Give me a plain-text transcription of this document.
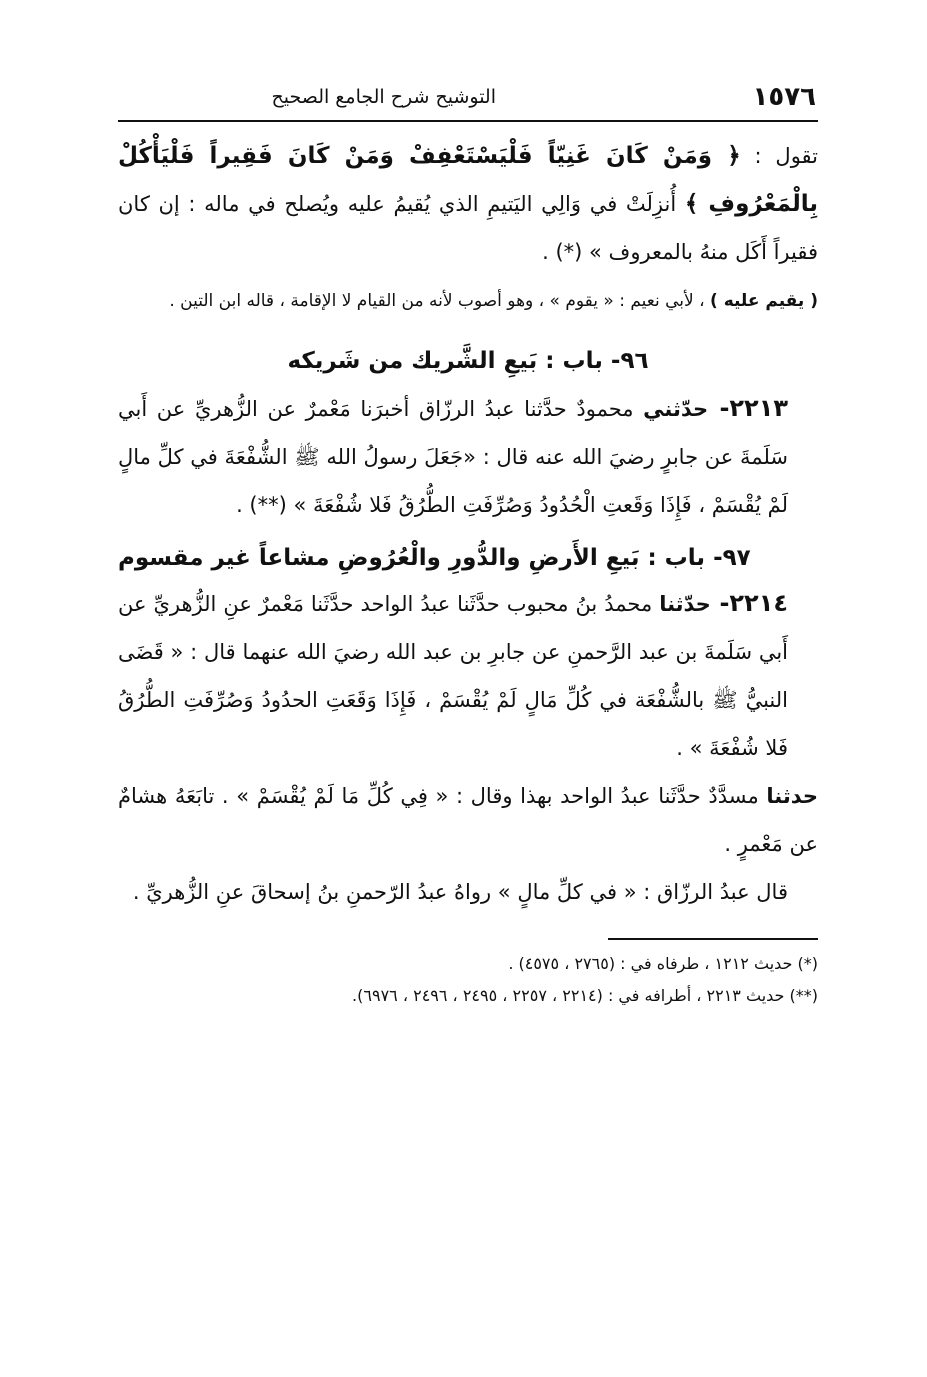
١٥٧٦
التوشيح شرح الجامع الصحيح

تقول : ﴿ وَمَنْ كَانَ غَنِيّاً فَلْيَسْتَعْفِفْ وَمَنْ كَانَ فَقِيراً فَلْيَأْكُلْ بِالْمَعْرُوفِ ﴾ أُنزِلَتْ في وَالِي اليَتيمِ الذي يُقيمُ عليه ويُصلح في ماله : إن كان فقيراً أَكَل منهُ بالمعروف » (*) .

( يقيم عليه ) ، لأبي نعيم : « يقوم » ، وهو أصوب لأنه من القيام لا الإقامة ، قاله ابن التين .

٩٦- باب : بَيعِ الشَّريك من شَريكه

٢٢١٣- حدّثني محمودٌ حدَّثنا عبدُ الرزّاق أخبرَنا مَعْمرٌ عن الزُّهريِّ عن أَبي سَلَمةَ عن جابرٍ رضيَ الله عنه قال : «جَعَلَ رسولُ الله ﷺ الشُّفْعَةَ في كلِّ مالٍ لَمْ يُقْسَمْ ، فَإِذَا وَقَعتِ الْحُدُودُ وَصُرِّفَتِ الطُّرُقُ فَلا شُفْعَةَ » (**) .

٩٧- باب : بَيعِ الأَرضِ والدُّورِ والْعُرُوضِ مشاعاً غير مقسوم

٢٢١٤- حدّثنا محمدُ بنُ محبوب حدَّثَنا عبدُ الواحد حدَّثَنا مَعْمرٌ عنِ الزُّهريِّ عن أَبي سَلَمةَ بن عبد الرَّحمنِ عن جابرِ بن عبد الله رضيَ الله عنهما قال : « قَضَى النبيُّ ﷺ بالشُّفْعَة في كُلِّ مَالٍ لَمْ يُقْسَمْ ، فَإِذَا وَقَعَتِ الحدُودُ وَصُرِّفَتِ الطُّرُقُ فَلا شُفْعَةَ » .

حدثنا مسدَّدٌ حدَّثَنا عبدُ الواحد بهذا وقال : « فِي كُلِّ مَا لَمْ يُقْسَمْ » . تابَعَهُ هشامٌ عن مَعْمرٍ .

قال عبدُ الرزّاق : « في كلِّ مالٍ » رواهُ عبدُ الرّحمنِ بنُ إسحاقَ عنِ الزُّهريِّ .

(*) حديث ١٢١٢ ، طرفاه في : (٢٧٦٥ ، ٤٥٧٥) .

(**) حديث ٢٢١٣ ، أطرافه في : (٢٢١٤ ، ٢٢٥٧ ، ٢٤٩٥ ، ٢٤٩٦ ، ٦٩٧٦).
